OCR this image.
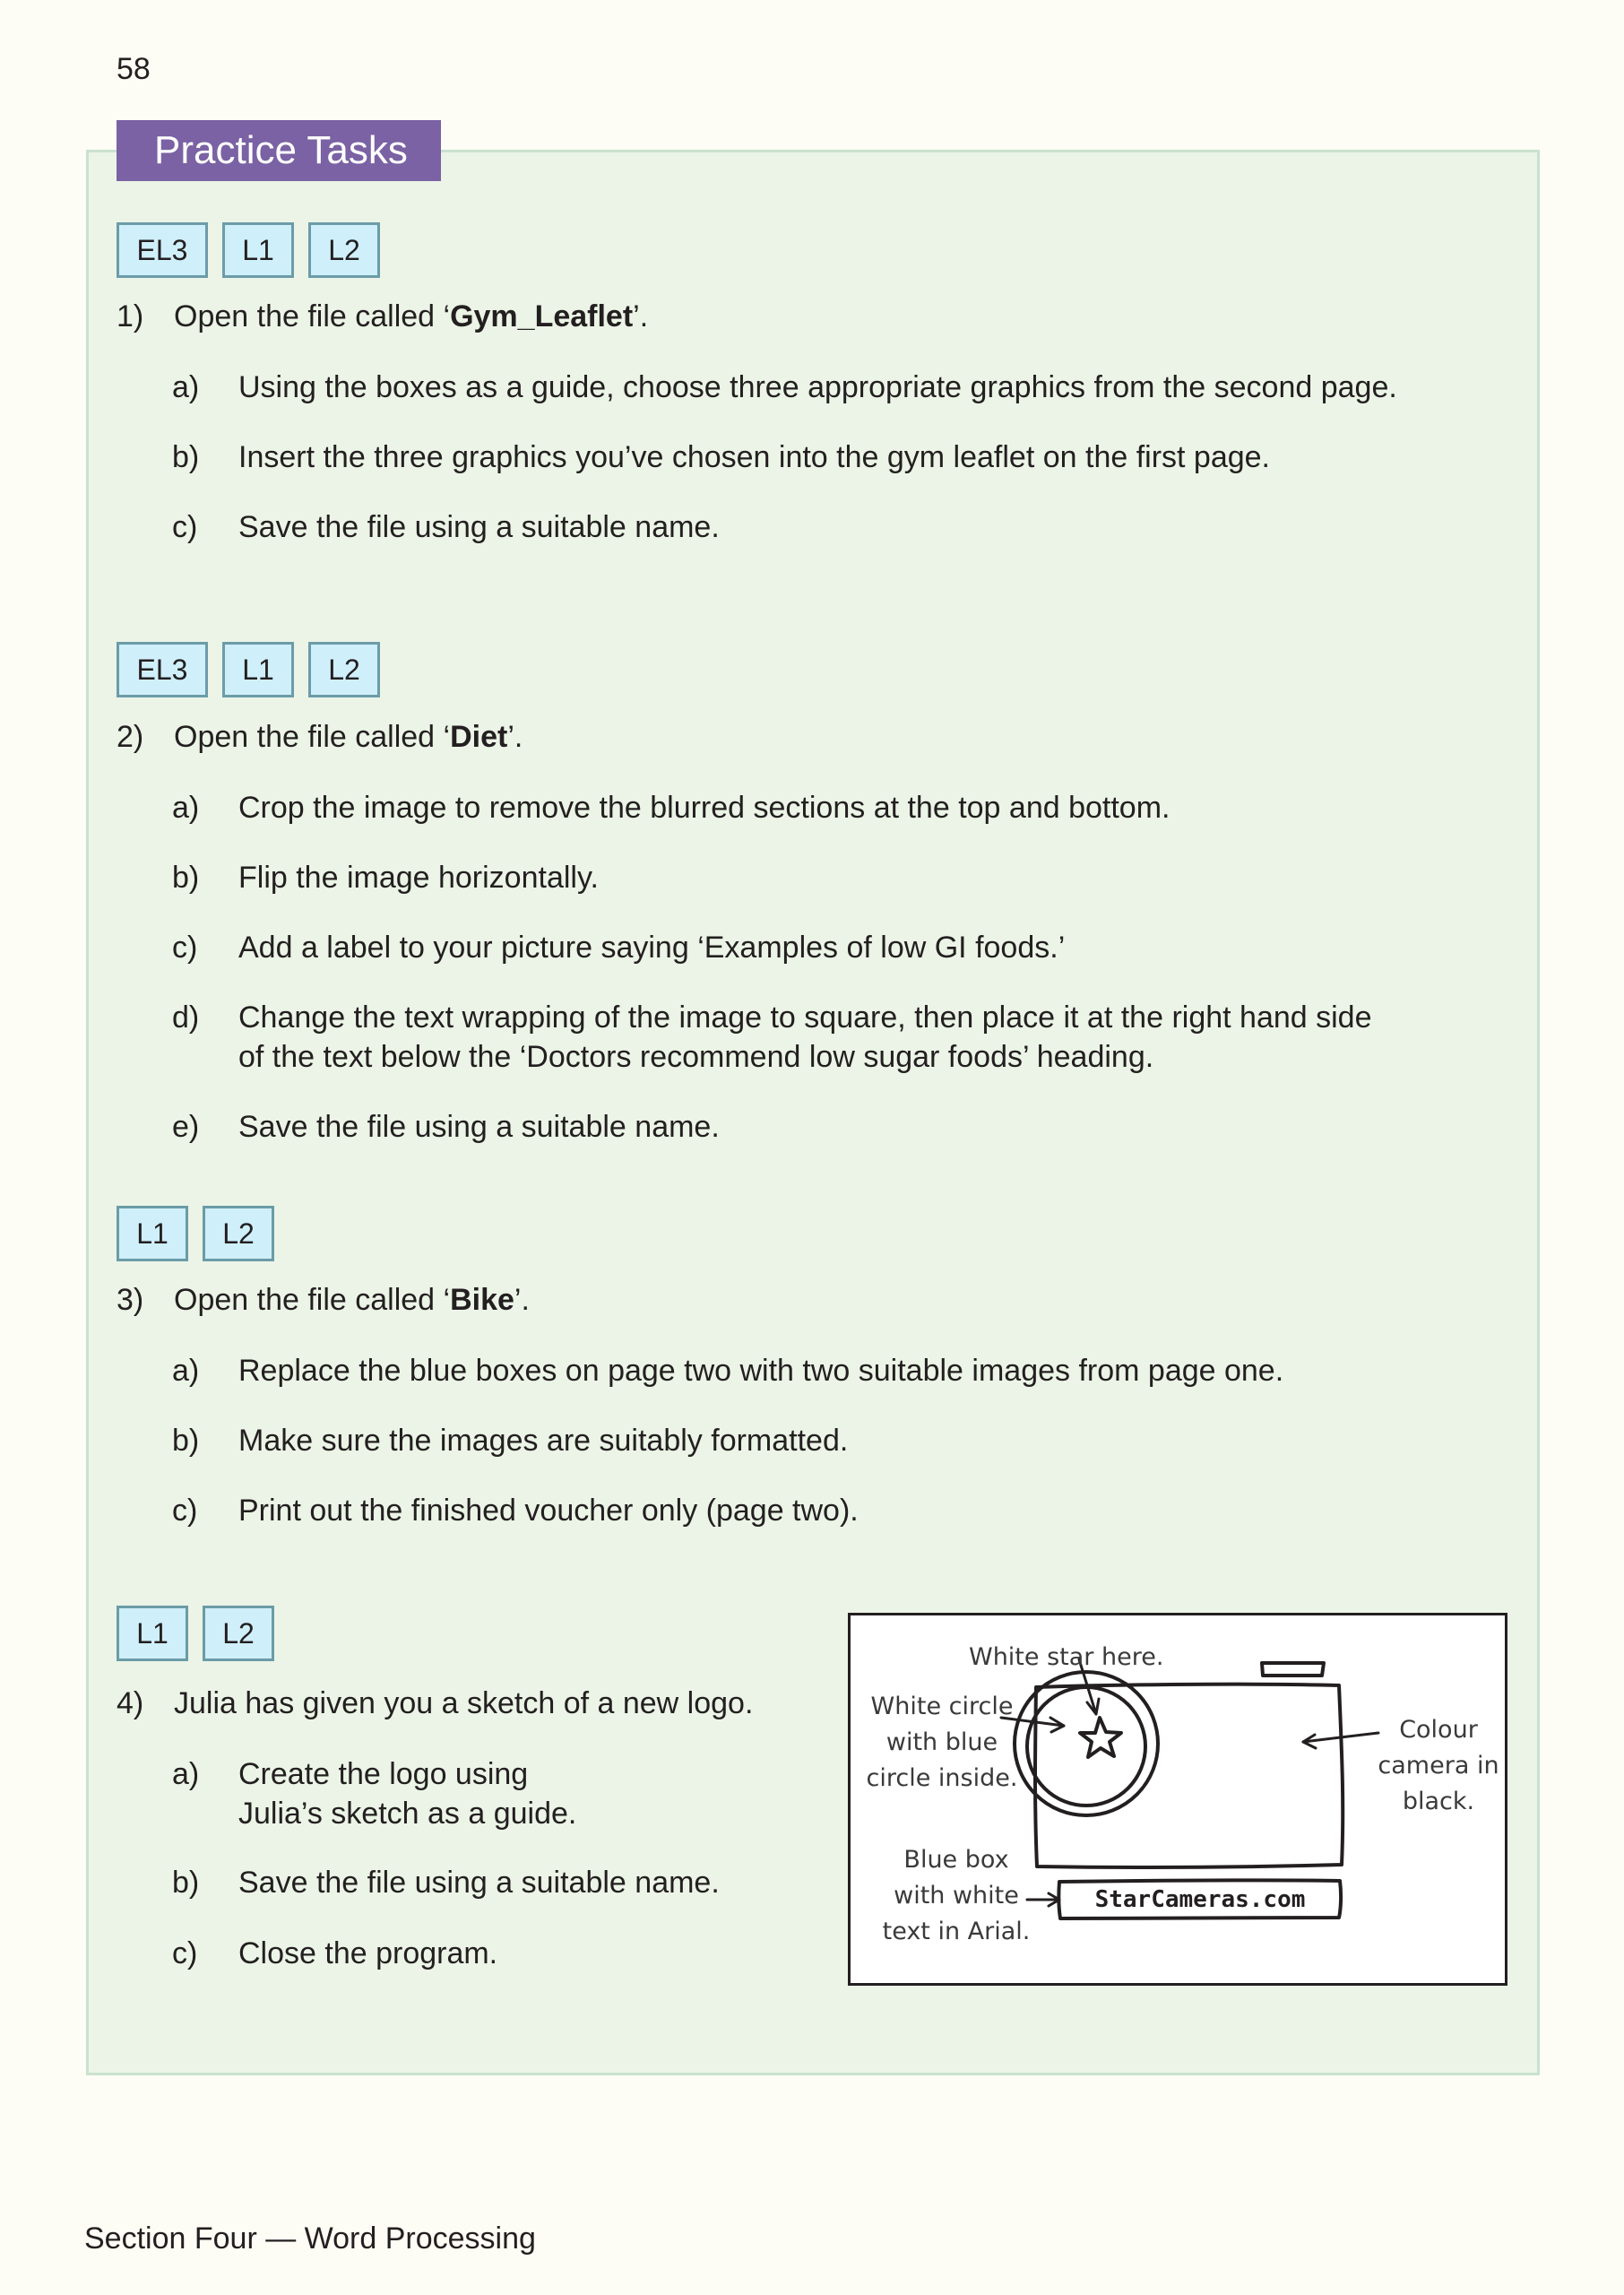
58
Practice Tasks
EL3	L1	L2
1) Open the file called ‘Gym_Leaflet’.
a) Using the boxes as a guide, choose three appropriate graphics from the second page.
b) Insert the three graphics you’ve chosen into the gym leaflet on the first page.
c) Save the file using a suitable name.
EL3	L1	L2
2) Open the file called ‘Diet’.
a) Crop the image to remove the blurred sections at the top and bottom.
b) Flip the image horizontally.
c) Add a label to your picture saying ‘Examples of low GI foods.’
d) Change the text wrapping of the image to square, then place it at the right hand side
of the text below the ‘Doctors recommend low sugar foods’ heading.
e) Save the file using a suitable name.
L1	L2
3) Open the file called ‘Bike’.
a) Replace the blue boxes on page two with two suitable images from page one.
b) Make sure the images are suitably formatted.
c) Print out the finished voucher only (page two).
L1	L2
4) Julia has given you a sketch of a new logo.
a) Create the logo using
Julia’s sketch as a guide.
b) Save the file using a suitable name.
c) Close the program.
White star here.
White circle
with blue
circle inside.
Colour
camera in
black.
Blue box
with white
text in Arial.
StarCameras.com
Section Four — Word Processing
